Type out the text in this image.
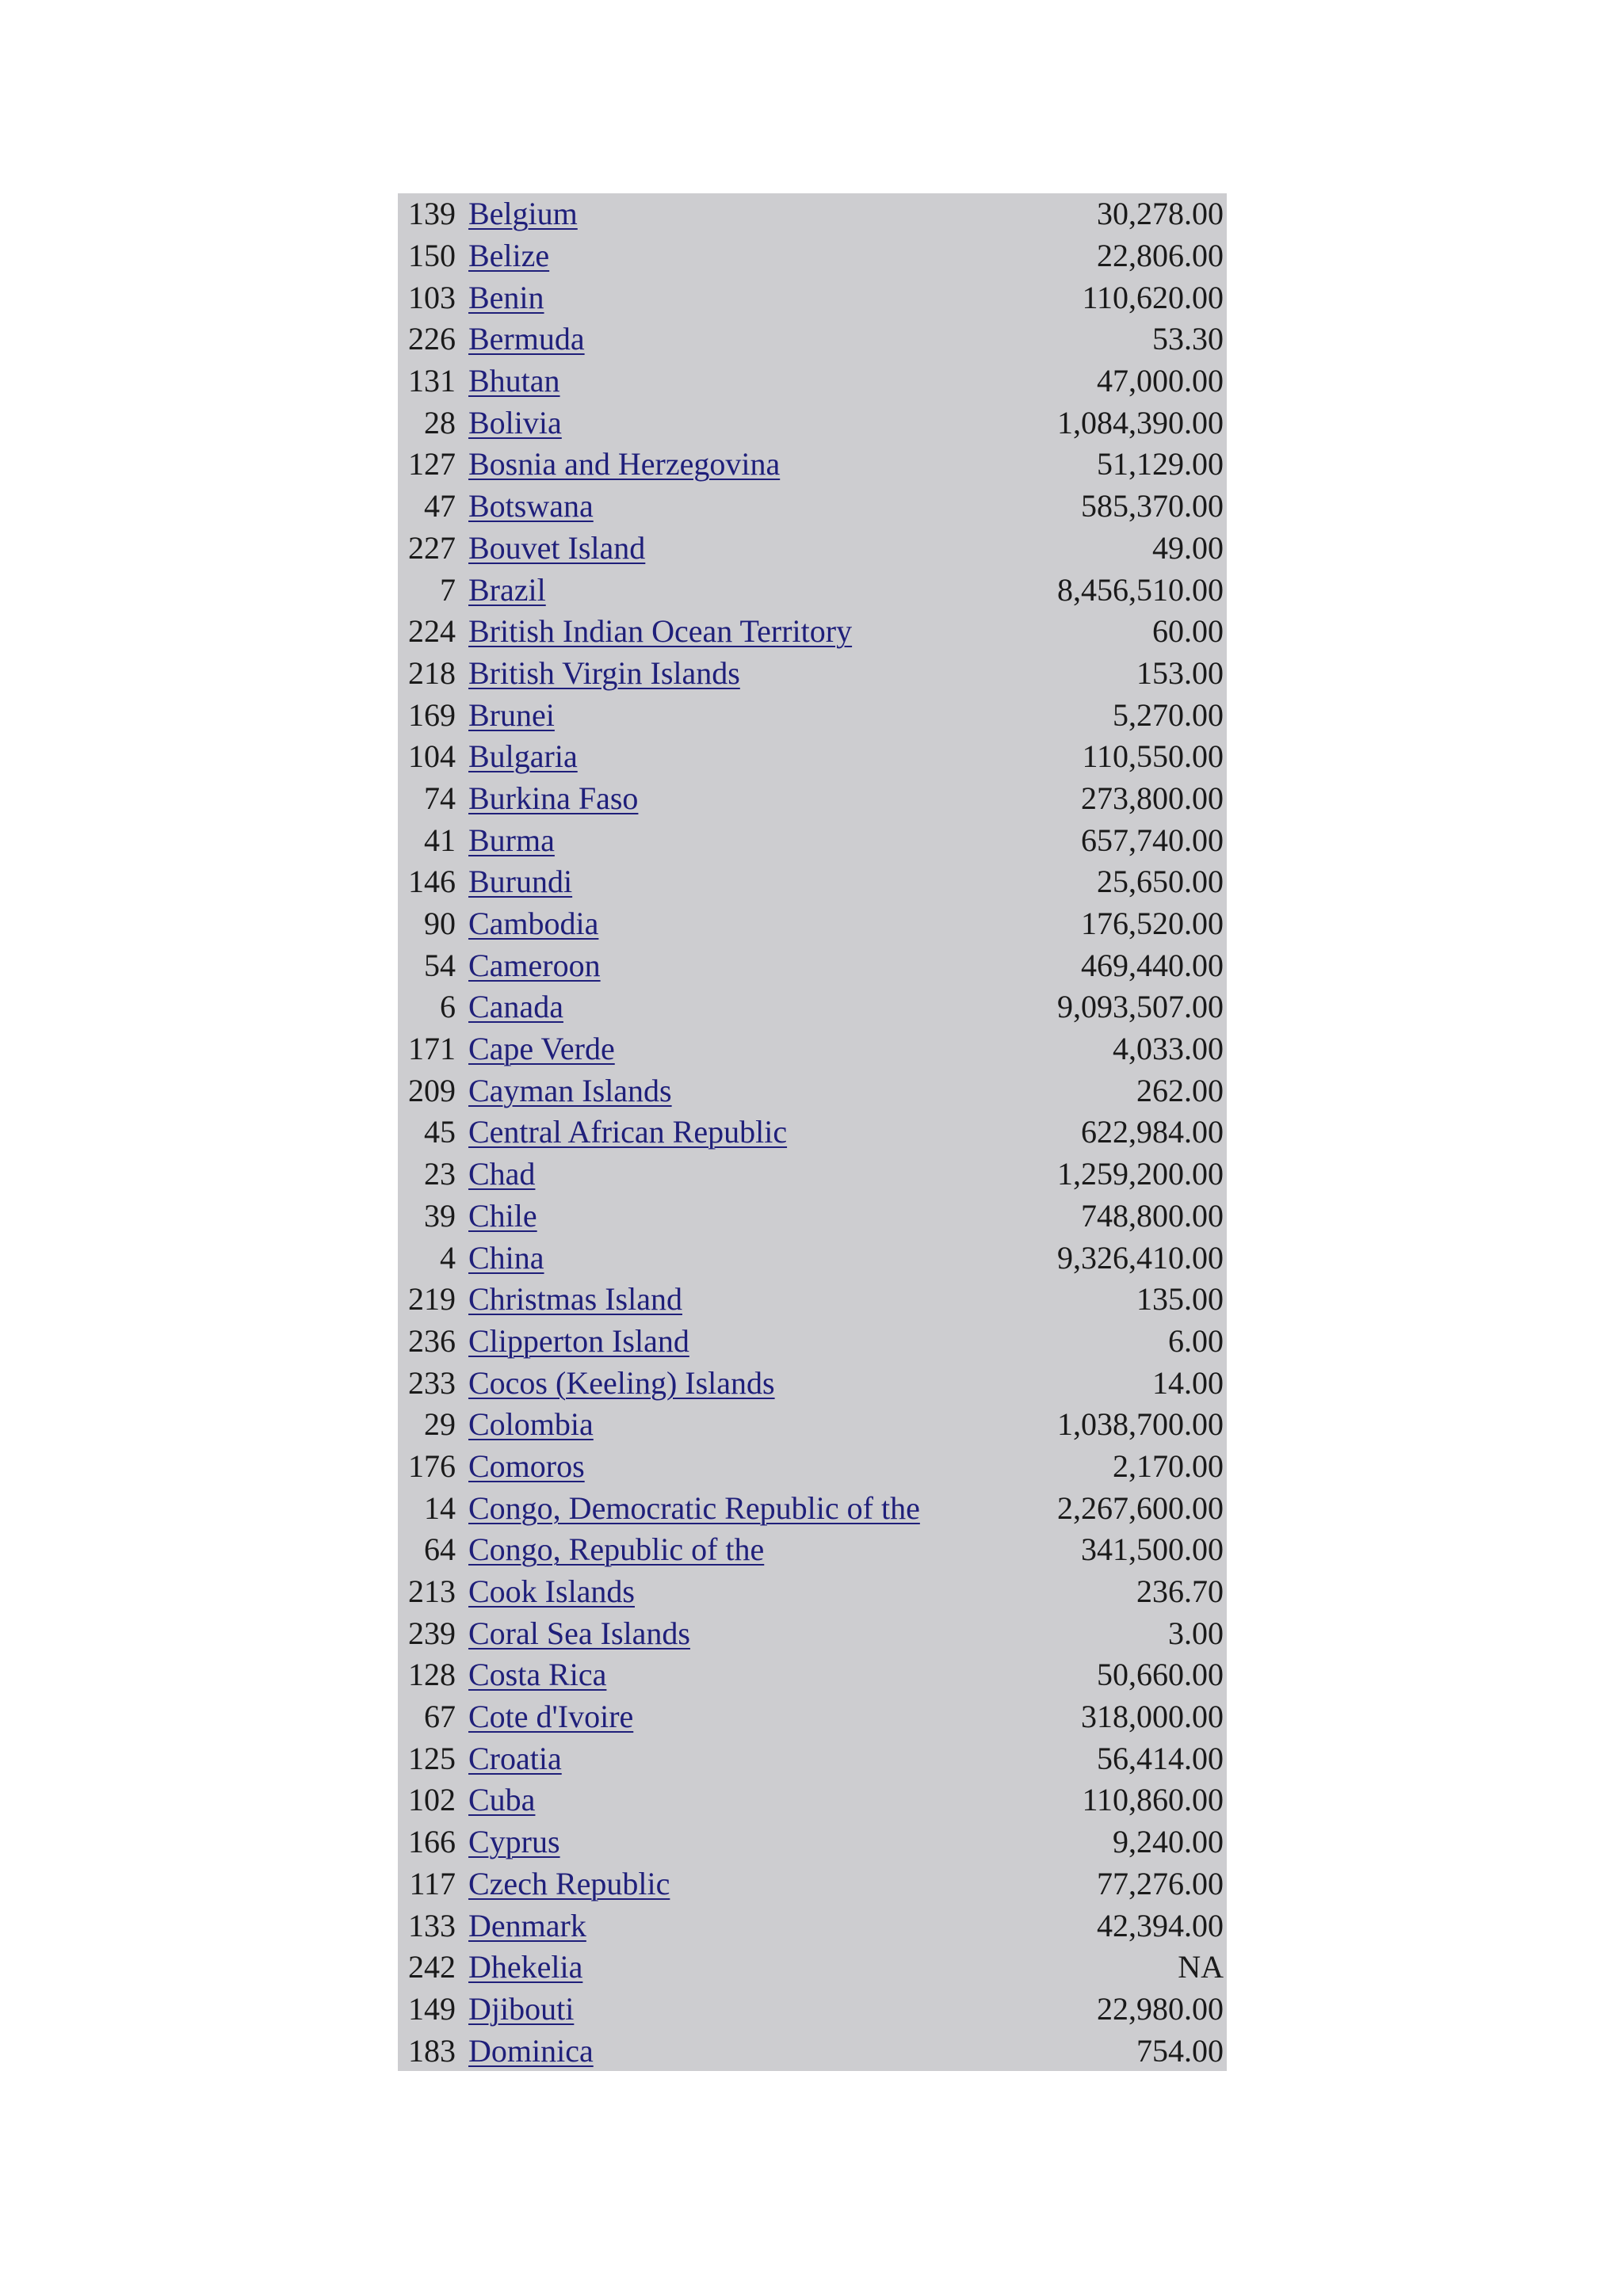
139 Belgium	30,278.00
150 Belize	22,806.00
103 Benin	110,620.00
226 Bermuda	53.30
131 Bhutan	47,000.00
28 Bolivia	1,084,390.00
127 Bosnia and Herzegovina	51,129.00
47 Botswana	585,370.00
227 Bouvet Island	49.00
7 Brazil	8,456,510.00
224 British Indian Ocean Territory	60.00
218 British Virgin Islands	153.00
169 Brunei	5,270.00
104 Bulgaria	110,550.00
74 Burkina Faso	273,800.00
41 Burma	657,740.00
146 Burundi	25,650.00
90 Cambodia	176,520.00
54 Cameroon	469,440.00
6 Canada	9,093,507.00
171 Cape Verde	4,033.00
209 Cayman Islands	262.00
45 Central African Republic	622,984.00
23 Chad	1,259,200.00
39 Chile	748,800.00
4 China	9,326,410.00
219 Christmas Island	135.00
236 Clipperton Island	6.00
233 Cocos (Keeling) Islands	14.00
29 Colombia	1,038,700.00
176 Comoros	2,170.00
14 Congo, Democratic Republic of the	2,267,600.00
64 Congo, Republic of the	341,500.00
213 Cook Islands	236.70
239 Coral Sea Islands	3.00
128 Costa Rica	50,660.00
67 Cote d'Ivoire	318,000.00
125 Croatia	56,414.00
102 Cuba	110,860.00
166 Cyprus	9,240.00
117 Czech Republic	77,276.00
133 Denmark	42,394.00
242 Dhekelia	NA
149 Djibouti	22,980.00
183 Dominica	754.00
